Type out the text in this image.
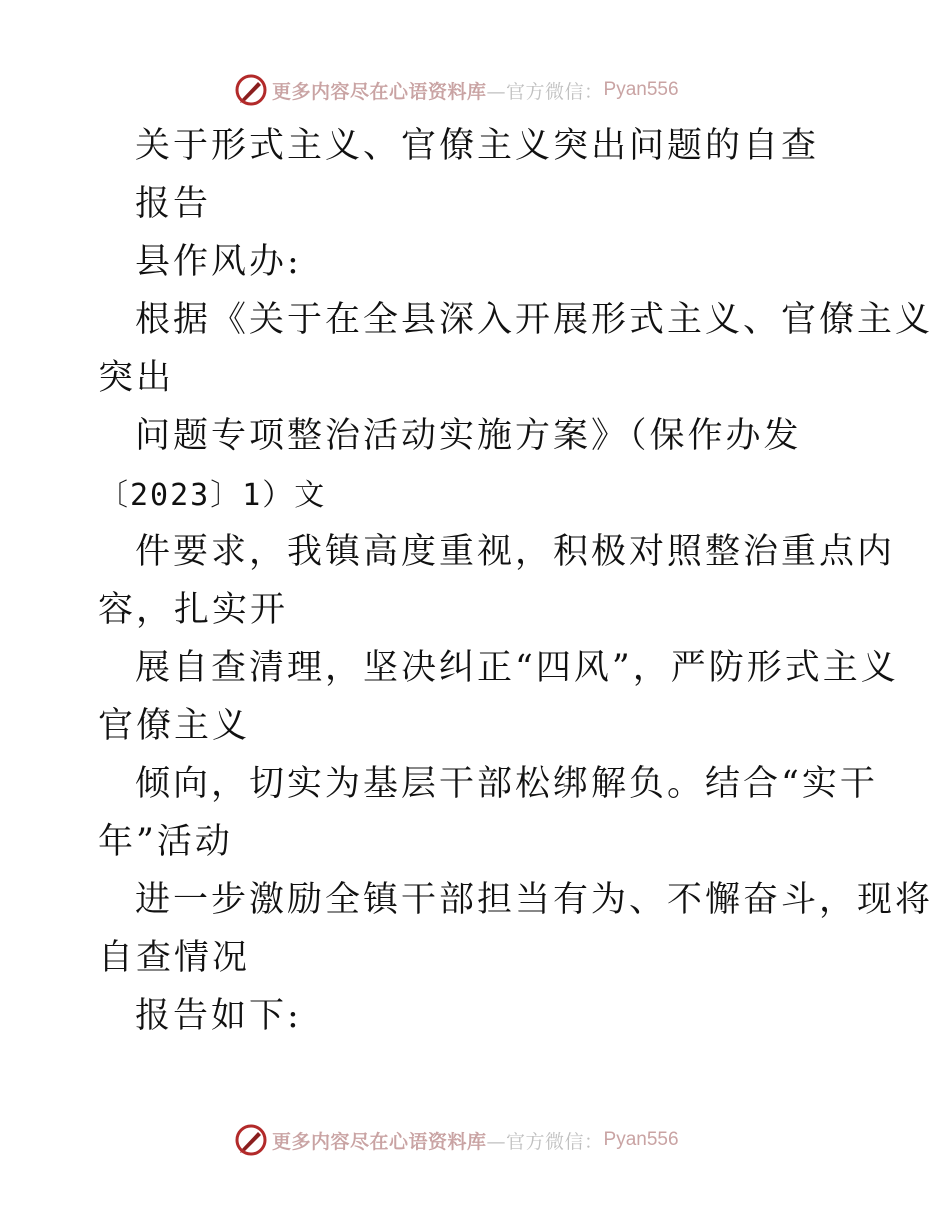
更多内容尽在心语资料库 —官方微信： Pyan556
关于形式主义、官僚主义突出问题的自查
报告
县作风办:
根据《关于在全县深入开展形式主义、官僚主义
突出
问题专项整治活动实施方案》（保作办发
〔2023〕1）文
件要求，我镇高度重视，积极对照整治重点内
容，扎实开
展自查清理，坚决纠正“四风”，严防形式主义
官僚主义
倾向，切实为基层干部松绑解负。结合“实干
年”活动
进一步激励全镇干部担当有为、不懈奋斗，现将
自查情况
报告如下:
更多内容尽在心语资料库 —官方微信： Pyan556
